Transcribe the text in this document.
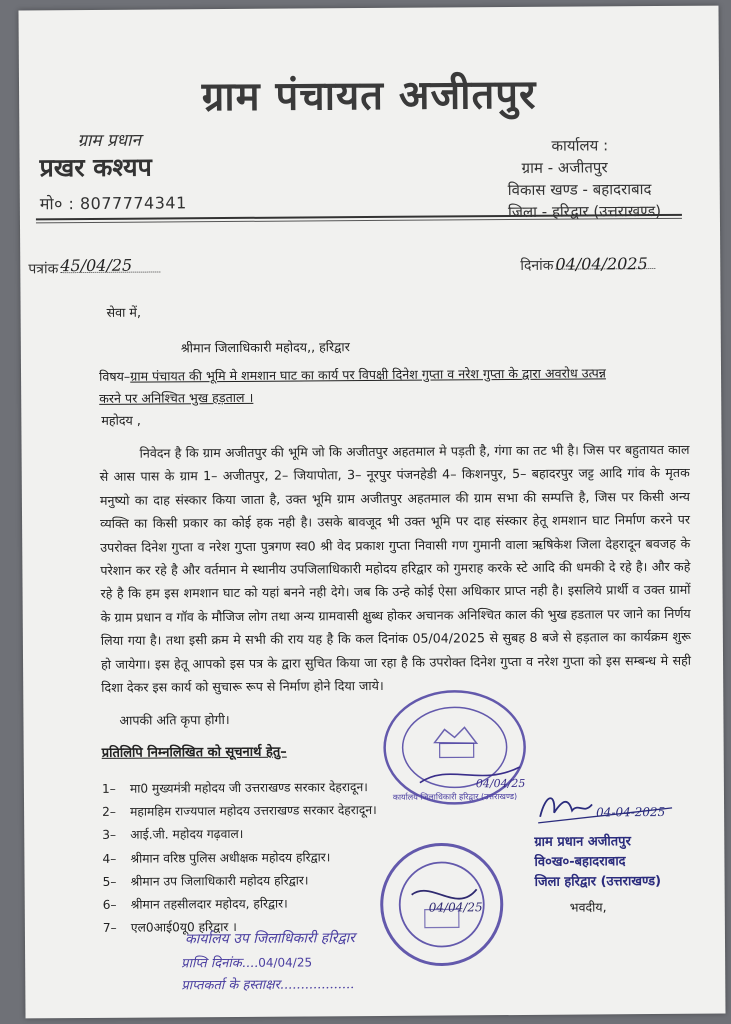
ग्राम पंचायत अजीतपुर
ग्राम प्रधान
प्रखर कश्यप
मो० : 8077774341
कार्यालय :
ग्राम - अजीतपुर
विकास खण्ड - बहादराबाद
जिला - हरिद्वार (उत्तराखण्ड)
पत्रांक 45/04/25	दिनांक 04/04/2025
सेवा में,
श्रीमान जिलाधिकारी महोदय,, हरिद्वार
विषय–ग्राम पंचायत की भूमि मे शमशान घाट का कार्य पर विपक्षी दिनेश गुप्ता व नरेश गुप्ता के द्वारा अवरोध उत्पन्न करने पर अनिश्चित भुख हड़ताल ।
महोदय ,

निवेदन है कि ग्राम अजीतपुर की भूमि जो कि अजीतपुर अहतमाल मे पड़ती है, गंगा का तट भी है। जिस पर बहुतायत काल से आस पास के ग्राम 1– अजीतपुर, 2– जियापोता, 3– नूरपुर पंजनहेडी 4– किशनपुर, 5– बहादरपुर जट्ट आदि गांव के मृतक मनुष्यो का दाह संस्कार किया जाता है, उक्त भूमि ग्राम अजीतपुर अहतमाल की ग्राम सभा की सम्पत्ति है, जिस पर किसी अन्य व्यक्ति का किसी प्रकार का कोई हक नही है। उसके बावजूद भी उक्त भूमि पर दाह संस्कार हेतू शमशान घाट निर्माण करने पर उपरोक्त दिनेश गुप्ता व नरेश गुप्ता पुत्रगण स्व0 श्री वेद प्रकाश गुप्ता निवासी गण गुमानी वाला ऋषिकेश जिला देहरादून बवजह के परेशान कर रहे है और वर्तमान मे स्थानीय उपजिलाधिकारी महोदय हरिद्वार को गुमराह करके स्टे आदि की धमकी दे रहे है। और कहे रहे है कि हम इस शमशान घाट को यहां बनने नही देगे। जब कि उन्हे कोई ऐसा अधिकार प्राप्त नही है। इसलिये प्रार्थी व उक्त ग्रामों के ग्राम प्रधान व गॉव के मौजिज लोग तथा अन्य ग्रामवासी क्षुब्ध होकर अचानक अनिश्चित काल की भुख हडताल पर जाने का निर्णय लिया गया है। तथा इसी क्रम मे सभी की राय यह है कि कल दिनांक 05/04/2025 से सुबह 8 बजे से हड़ताल का कार्यक्रम शुरू हो जायेगा। इस हेतू आपको इस पत्र के द्वारा सुचित किया जा रहा है कि उपरोक्त दिनेश गुप्ता व नरेश गुप्ता को इस सम्बन्ध मे सही दिशा देकर इस कार्य को सुचारू रूप से निर्माण होने दिया जाये।

आपकी अति कृपा होगी।
प्रतिलिपि निम्नलिखित को सूचनार्थ हेतु–
1– मा0 मुख्यमंत्री महोदय जी उत्तराखण्ड सरकार देहरादून।
2– महामहिम राज्यपाल महोदय उत्तराखण्ड सरकार देहरादून।
3– आई.जी. महोदय गढ़वाल।
4– श्रीमान वरिष्ठ पुलिस अधीक्षक महोदय हरिद्वार।
5– श्रीमान उप जिलाधिकारी महोदय हरिद्वार।
6– श्रीमान तहसीलदार महोदय, हरिद्वार।
7– एल0आई0यू0 हरिद्वार ।
04/04/25
कार्यालय जिलाधिकारी हरिद्वार (उत्तराखण्ड)
04/04/25
04-04-2025
ग्राम प्रधान अजीतपुर
वि०ख०-बहादराबाद
जिला हरिद्वार (उत्तराखण्ड)
भवदीय,
कार्यालय उप जिलाधिकारी हरिद्वार
प्राप्ति दिनांक....04/04/25
प्राप्तकर्ता के हस्ताक्षर..................
